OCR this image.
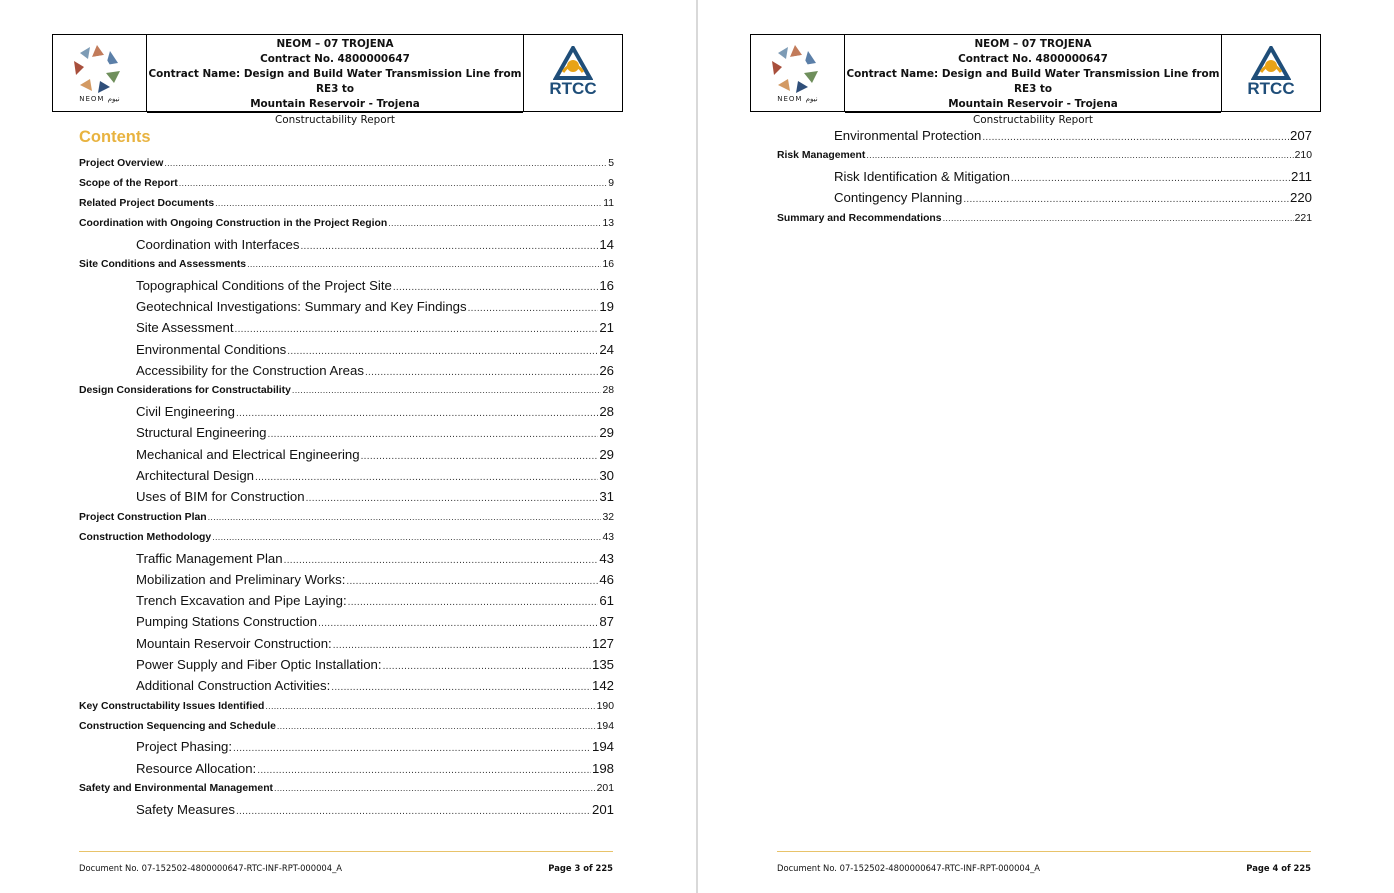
NEOM نيوم
NEOM – 07 TROJENA
Contract No. 4800000647
Contract Name: Design and Build Water Transmission Line from RE3 to
Mountain Reservoir - Trojena
Constructability Report
RTCC
Contents
Project Overview .....	5
Scope of the Report .....	9
Related Project Documents .....	11
Coordination with Ongoing Construction in the Project Region .....	13
Coordination with Interfaces .....	14
Site Conditions and Assessments .....	16
Topographical Conditions of the Project Site .....	16
Geotechnical Investigations: Summary and Key Findings .....	19
Site Assessment .....	21
Environmental Conditions .....	24
Accessibility for the Construction Areas .....	26
Design Considerations for Constructability .....	28
Civil Engineering .....	28
Structural Engineering .....	29
Mechanical and Electrical Engineering .....	29
Architectural Design .....	30
Uses of BIM for Construction .....	31
Project Construction Plan .....	32
Construction Methodology .....	43
Traffic Management Plan .....	43
Mobilization and Preliminary Works: .....	46
Trench Excavation and Pipe Laying: .....	61
Pumping Stations Construction .....	87
Mountain Reservoir Construction: .....	127
Power Supply and Fiber Optic Installation: .....	135
Additional Construction Activities: .....	142
Key Constructability Issues Identified .....	190
Construction Sequencing and Schedule .....	194
Project Phasing: .....	194
Resource Allocation: .....	198
Safety and Environmental Management .....	201
Safety Measures .....	201
Document No. 07-152502-4800000647-RTC-INF-RPT-000004_A	Page 3 of 225
NEOM نيوم
NEOM – 07 TROJENA
Contract No. 4800000647
Contract Name: Design and Build Water Transmission Line from RE3 to
Mountain Reservoir - Trojena
Constructability Report
RTCC
Environmental Protection .....	207
Risk Management .....	210
Risk Identification & Mitigation .....	211
Contingency Planning .....	220
Summary and Recommendations .....	221
Document No. 07-152502-4800000647-RTC-INF-RPT-000004_A	Page 4 of 225
